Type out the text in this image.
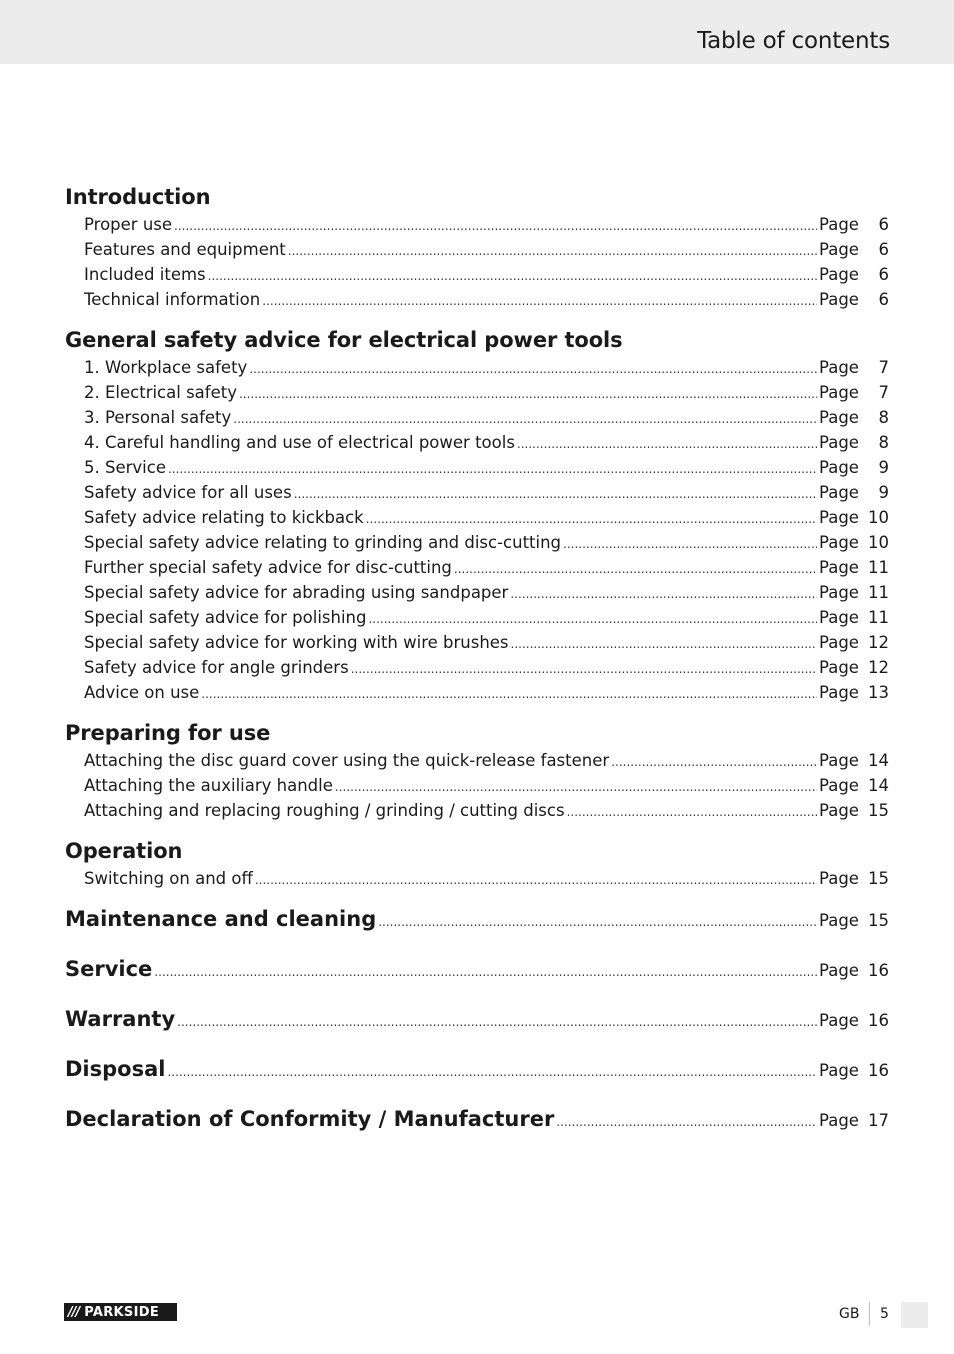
Table of contents
Introduction
Proper use .....	Page	6
Features and equipment .....	Page	6
Included items .....	Page	6
Technical information .....	Page	6
General safety advice for electrical power tools
1. Workplace safety .....	Page	7
2. Electrical safety .....	Page	7
3. Personal safety .....	Page	8
4. Careful handling and use of electrical power tools .....	Page	8
5. Service .....	Page	9
Safety advice for all uses .....	Page	9
Safety advice relating to kickback .....	Page 10
Special safety advice relating to grinding and disc-cutting .....	Page 10
Further special safety advice for disc-cutting .....	Page 11
Special safety advice for abrading using sandpaper .....	Page 11
Special safety advice for polishing .....	Page 11
Special safety advice for working with wire brushes .....	Page 12
Safety advice for angle grinders .....	Page 12
Advice on use .....	Page 13
Preparing for use
Attaching the disc guard cover using the quick-release fastener .....	Page 14
Attaching the auxiliary handle .....	Page 14
Attaching and replacing roughing / grinding / cutting discs .....	Page 15
Operation
Switching on and off .....	Page 15
Maintenance and cleaning .....	Page 15
Service .....	Page 16
Warranty .....	Page 16
Disposal .....	Page 16
Declaration of Conformity / Manufacturer .....	Page 17
/// PARKSIDE	GB 5
